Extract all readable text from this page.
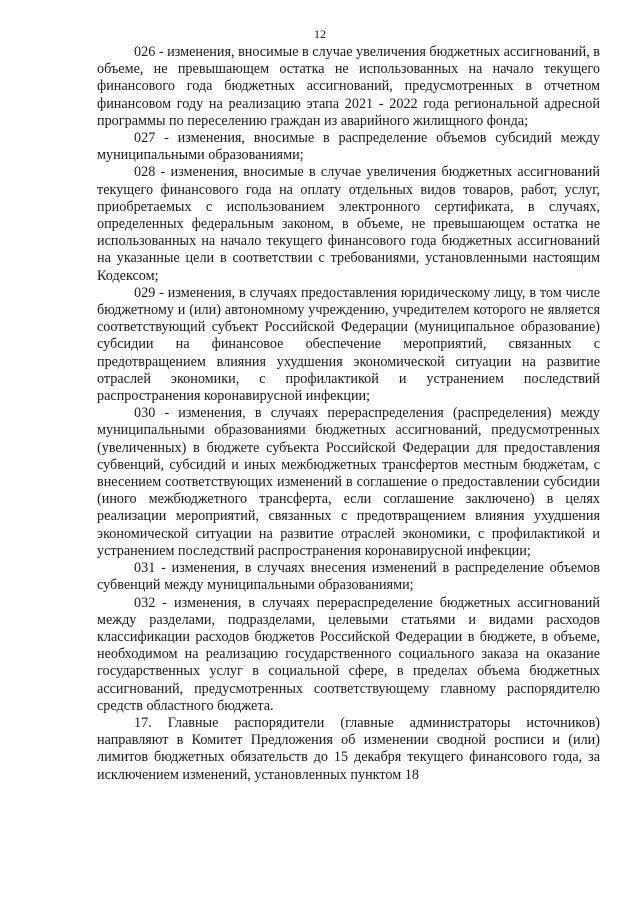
12

026 - изменения, вносимые в случае увеличения бюджетных ассигнований, в объеме, не превышающем остатка не использованных на начало текущего финансового года бюджетных ассигнований, предусмотренных в отчетном финансовом году на реализацию этапа 2021 - 2022 года региональной адресной программы по переселению граждан из аварийного жилищного фонда;

027 - изменения, вносимые в распределение объемов субсидий между муниципальными образованиями;

028 - изменения, вносимые в случае увеличения бюджетных ассигнований текущего финансового года на оплату отдельных видов товаров, работ, услуг, приобретаемых с использованием электронного сертификата, в случаях, определенных федеральным законом, в объеме, не превышающем остатка не использованных на начало текущего финансового года бюджетных ассигнований на указанные цели в соответствии с требованиями, установленными настоящим Кодексом;

029 - изменения, в случаях предоставления юридическому лицу, в том числе бюджетному и (или) автономному учреждению, учредителем которого не является соответствующий субъект Российской Федерации (муниципальное образование) субсидии на финансовое обеспечение мероприятий, связанных с предотвращением влияния ухудшения экономической ситуации на развитие отраслей экономики, с профилактикой и устранением последствий распространения коронавирусной инфекции;

030 - изменения, в случаях перераспределения (распределения) между муниципальными образованиями бюджетных ассигнований, предусмотренных (увеличенных) в бюджете субъекта Российской Федерации для предоставления субвенций, субсидий и иных межбюджетных трансфертов местным бюджетам, с внесением соответствующих изменений в соглашение о предоставлении субсидии (иного межбюджетного трансферта, если соглашение заключено) в целях реализации мероприятий, связанных с предотвращением влияния ухудшения экономической ситуации на развитие отраслей экономики, с профилактикой и устранением последствий распространения коронавирусной инфекции;

031 - изменения, в случаях внесения изменений в распределение объемов субвенций между муниципальными образованиями;

032 - изменения, в случаях перераспределение бюджетных ассигнований между разделами, подразделами, целевыми статьями и видами расходов классификации расходов бюджетов Российской Федерации в бюджете, в объеме, необходимом на реализацию государственного социального заказа на оказание государственных услуг в социальной сфере, в пределах объема бюджетных ассигнований, предусмотренных соответствующему главному распорядителю средств областного бюджета.

17. Главные распорядители (главные администраторы источников) направляют в Комитет Предложения об изменении сводной росписи и (или) лимитов бюджетных обязательств до 15 декабря текущего финансового года, за исключением изменений, установленных пунктом 18
